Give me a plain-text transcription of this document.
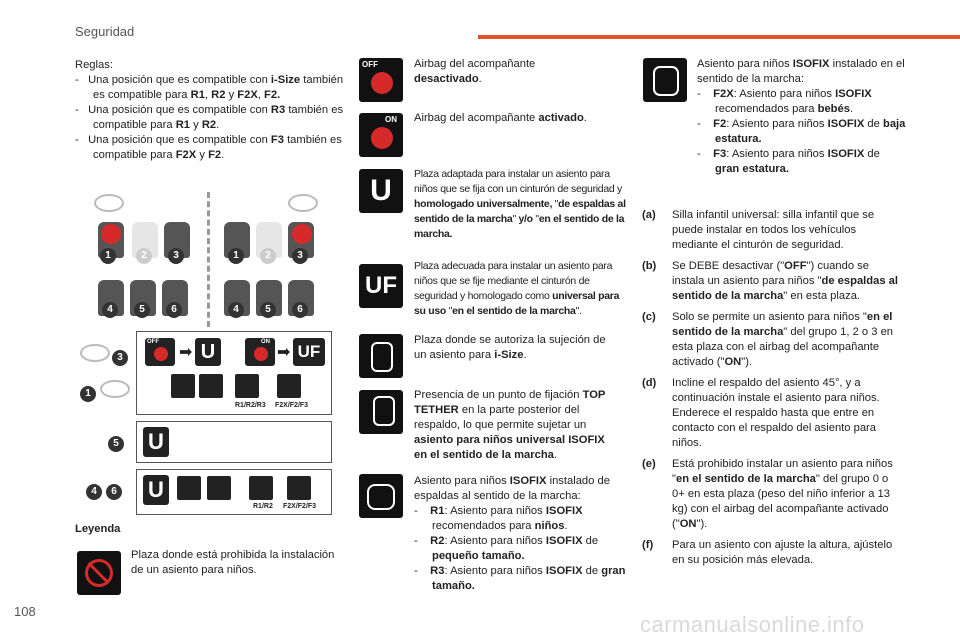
Seguridad
Reglas:
- Una posición que es compatible con i-Size también es compatible para R1, R2 y F2X, F2.
- Una posición que es compatible con R3 también es compatible para R1 y R2.
- Una posición que es compatible con F3 también es compatible para F2X y F2.
1	2	3
4	5	6
1	2	3
4	5	6
3
1
5
4	6
OFF
➡ U	ON
➡ UF
R1/R2/R3 F2X/F2/F3
U
U
R1/R2 F2X/F2/F3
Leyenda
Plaza donde está prohibida la instalación de un asiento para niños.
OFF	Airbag del acompañante desactivado.
ON Airbag del acompañante activado.
U	Plaza adaptada para instalar un asiento para niños que se fija con un cinturón de seguridad y homologado universalmente, "de espaldas al sentido de la marcha" y/o "en el sentido de la marcha.
UF
Plaza adecuada para instalar un asiento para niños que se fije mediante el cinturón de seguridad y homologado como universal para su uso "en el sentido de la marcha".
Plaza donde se autoriza la sujeción de un asiento para i-Size.
Presencia de un punto de fijación TOP TETHER en la parte posterior del respaldo, lo que permite sujetar un asiento para niños universal ISOFIX en el sentido de la marcha.
Asiento para niños ISOFIX instalado de espaldas al sentido de la marcha:
-    R1: Asiento para niños ISOFIX recomendados para niños.
-    R2: Asiento para niños ISOFIX de pequeño tamaño.
-    R3: Asiento para niños ISOFIX de gran tamaño.
Asiento para niños ISOFIX instalado en el sentido de la marcha:
-    F2X: Asiento para niños ISOFIX recomendados para bebés.
-    F2: Asiento para niños ISOFIX de baja estatura.
-    F3: Asiento para niños ISOFIX de gran estatura.
(a) Silla infantil universal: silla infantil que se puede instalar en todos los vehículos mediante el cinturón de seguridad.
(b) Se DEBE desactivar ("OFF") cuando se instala un asiento para niños "de espaldas al sentido de la marcha" en esta plaza.
(c) Solo se permite un asiento para niños "en el sentido de la marcha" del grupo 1, 2 o 3 en esta plaza con el airbag del acompañante activado ("ON").
(d) Incline el respaldo del asiento 45°, y a continuación instale el asiento para niños.
Enderece el respaldo hasta que entre en contacto con el respaldo del asiento para niños.
(e) Está prohibido instalar un asiento para niños "en el sentido de la marcha" del grupo 0 o 0+ en esta plaza (peso del niño inferior a 13 kg) con el airbag del acompañante activado ("ON").
(f) Para un asiento con ajuste la altura, ajústelo en su posición más elevada.
108
carmanualsonline.info
